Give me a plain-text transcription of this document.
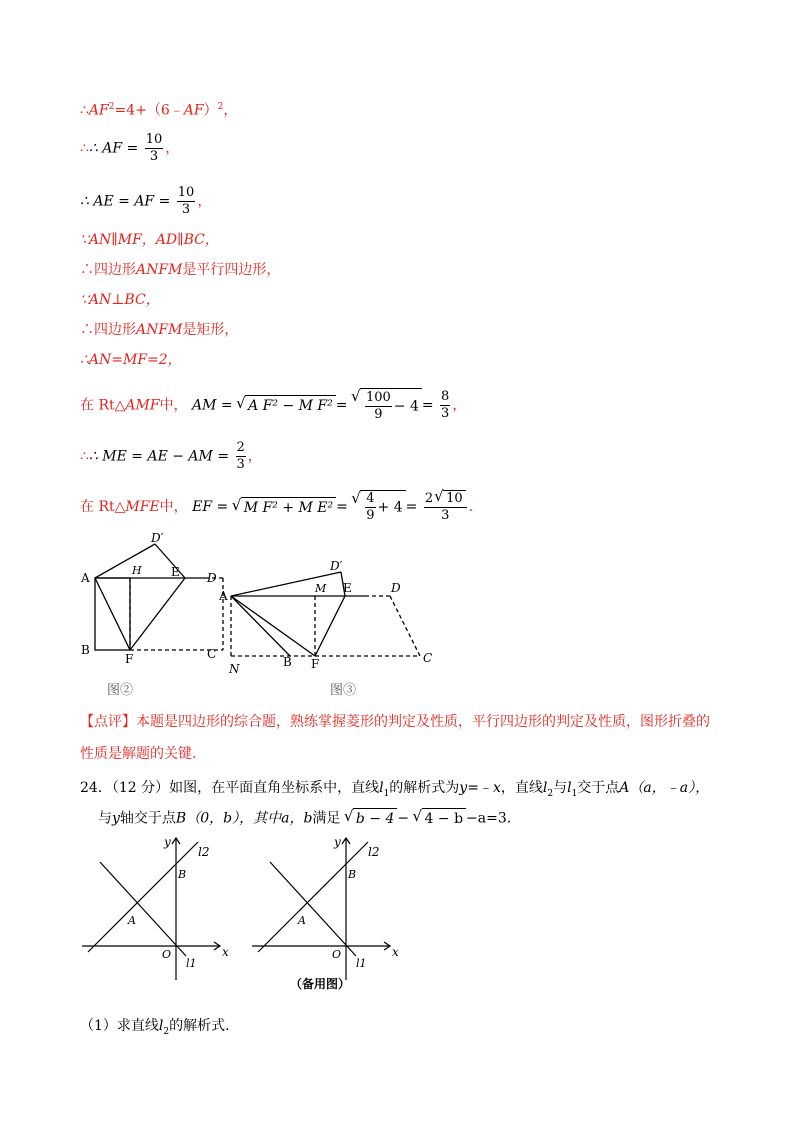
$\therefore AF^2=4+(6﹣AF)^2$，
∴∴ AF = $\frac{10}{3}$ ，
∴ AE = AF = $\frac{10}{3}$ ，
∵AN∥MF，AD∥BC，
∴四边形ANFM是平行四边形，
∵AN⊥BC，
∴四边形ANFM是矩形，
∴AN=MF=2，
在 Rt△AMF中， AM = √ A F² − M F² = √ $\frac{100}{9} - 4 = \frac{8}{3}$ ，
∴∴ ME = AE − AM = $\frac{2}{3}$ ，
在 Rt△MFE中， EF = √ M F² + M E² = √ $\frac{4}{9} + 4 = \frac{2 √ 10}{3}$ .
D′
A
H E D
B
F	C
图②
D′
A
M E	D
N	B F	C
图③
【点评】本题是四边形的综合题，熟练掌握菱形的判定及性质，平行四边形的判定及性质，图形折叠的
性质是解题的关键.
24．（12 分）如图，在平面直角坐标系中，直线$l_1$的解析式为y=﹣x，直线$l_2$与$l_1$交于点A（a，﹣a），
与y轴交于点B（0，b），其中a，b满足 √ b − 4 − √ 4 − b −a=3.
y
l2
B
A
O
l1
x
y
l2
B
A
O
l1
x
（备用图）
（1）求直线$l_2$的解析式.
